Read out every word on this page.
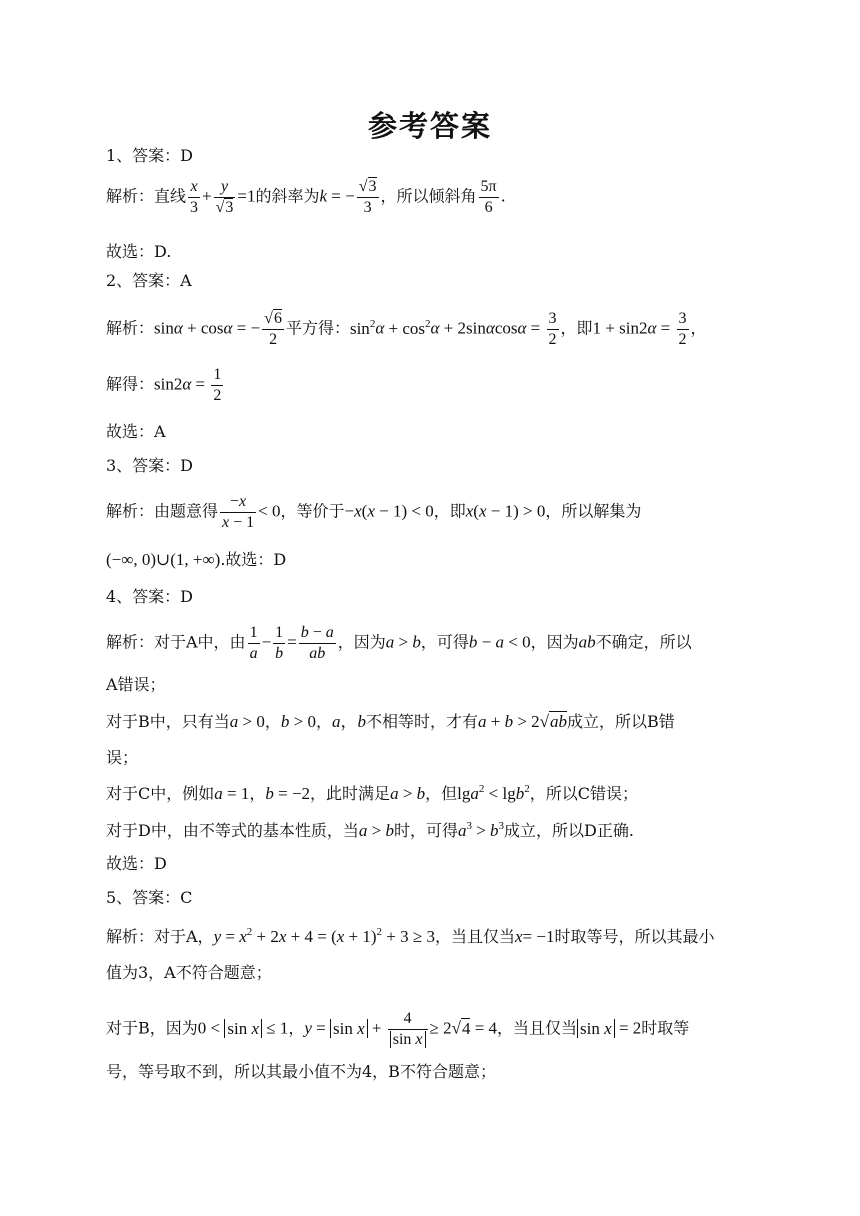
参考答案
1、答案：D
解析：直线 $\frac{x}{3} + \frac{y}{√3} =1$的斜率为k = − $\frac{√3}{3}$ ，所以倾斜角 $\frac{5\pi}{6}$ .
故选：D.
2、答案：A
解析：sinα + cosα = − $\frac{√6}{2}$ 平方得：$\sin^2\alpha + \cos^2\alpha + 2\sin\alpha\cos\alpha = \frac{3}{2}$ ，即$1 + \sin 2\alpha = \frac{3}{2}$ ，
解得：$\sin 2\alpha = \frac{1}{2}$
故选：A
3、答案：D
解析：由题意得 $\frac{-x}{x - 1} < 0$，等价于−x(x − 1) < 0，即x(x − 1) > 0，所以解集为
(−∞, 0)∪(1, +∞).故选：D
4、答案：D
解析：对于A中，由 $\frac{1}{a} - \frac{1}{b} = \frac{b - a}{ab}$ ，因为a > b，可得b − a < 0，因为ab不确定，所以
A错误；
对于B中，只有当a > 0，b > 0，a，b不相等时，才有a + b > 2√ab成立，所以B错
误；
对于C中，例如a = 1，b = −2，此时满足a > b，但lga$^2$ < lgb$^2$，所以C错误；
对于D中，由不等式的基本性质，当a > b时，可得$a^3 > b^3$成立，所以D正确.
故选：D
5、答案：C
解析：对于A，$y = x^2 + 2x + 4 = (x + 1)^2 + 3 \ge 3$，当且仅当x= −1时取等号，所以其最小
值为3，A不符合题意；
对于B，因为0 < sin x ≤ 1，$y = \sin x + \frac{4}{\text{sin x}} \ge 2√4 = 4$，当且仅当 sin x = 2时取等
号，等号取不到，所以其最小值不为4，B不符合题意；
